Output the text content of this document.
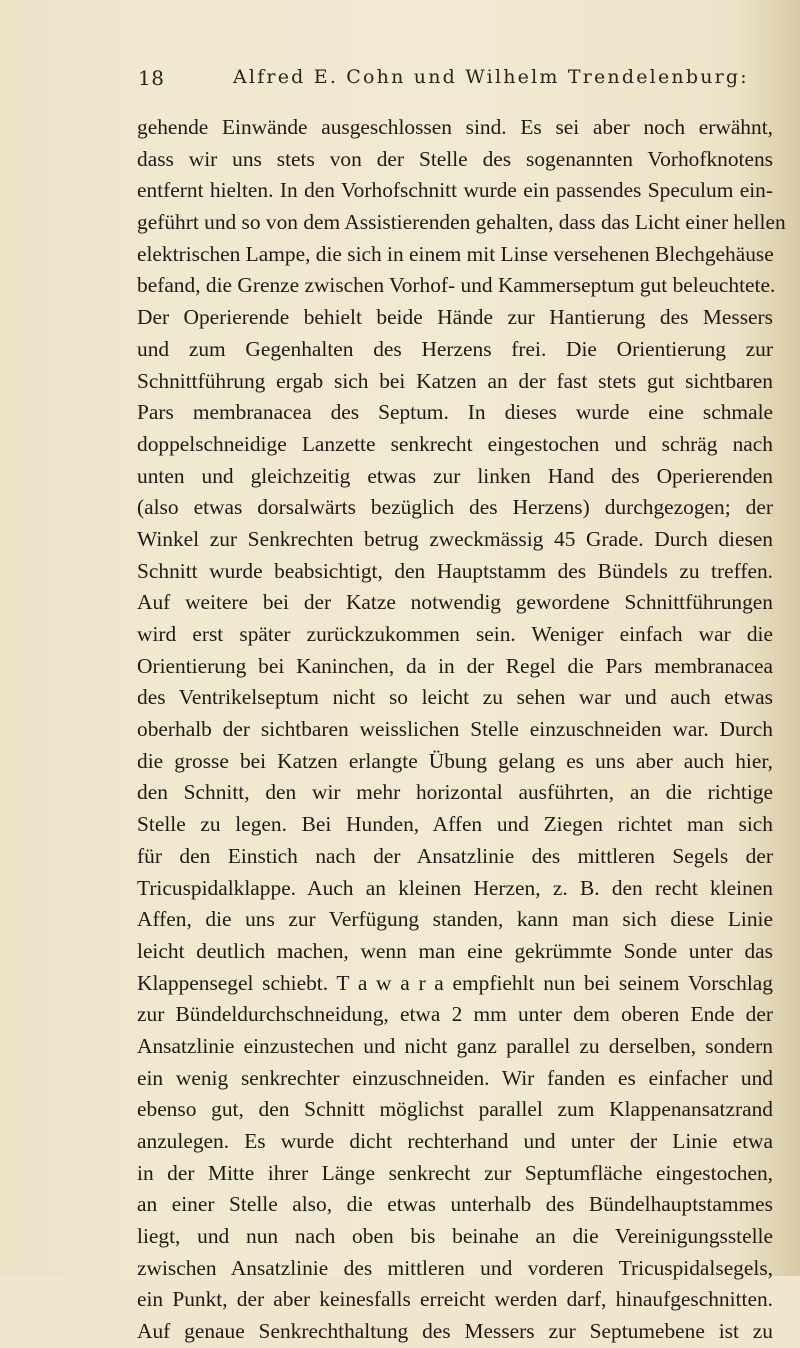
18	Alfred E. Cohn und Wilhelm Trendelenburg:
gehende Einwände ausgeschlossen sind. Es sei aber noch erwähnt,
dass wir uns stets von der Stelle des sogenannten Vorhofknotens
entfernt hielten. In den Vorhofschnitt wurde ein passendes Speculum ein-
geführt und so von dem Assistierenden gehalten, dass das Licht einer hellen
elektrischen Lampe, die sich in einem mit Linse versehenen Blechgehäuse
befand, die Grenze zwischen Vorhof- und Kammerseptum gut beleuchtete.
Der Operierende behielt beide Hände zur Hantierung des Messers
und zum Gegenhalten des Herzens frei. Die Orientierung zur
Schnittführung ergab sich bei Katzen an der fast stets gut sichtbaren
Pars membranacea des Septum. In dieses wurde eine schmale
doppelschneidige Lanzette senkrecht eingestochen und schräg nach
unten und gleichzeitig etwas zur linken Hand des Operierenden
(also etwas dorsalwärts bezüglich des Herzens) durchgezogen; der
Winkel zur Senkrechten betrug zweckmässig 45 Grade. Durch diesen
Schnitt wurde beabsichtigt, den Hauptstamm des Bündels zu treffen.
Auf weitere bei der Katze notwendig gewordene Schnittführungen
wird erst später zurückzukommen sein. Weniger einfach war die
Orientierung bei Kaninchen, da in der Regel die Pars membranacea
des Ventrikelseptum nicht so leicht zu sehen war und auch etwas
oberhalb der sichtbaren weisslichen Stelle einzuschneiden war. Durch
die grosse bei Katzen erlangte Übung gelang es uns aber auch hier,
den Schnitt, den wir mehr horizontal ausführten, an die richtige
Stelle zu legen. Bei Hunden, Affen und Ziegen richtet man sich
für den Einstich nach der Ansatzlinie des mittleren Segels der
Tricuspidalklappe. Auch an kleinen Herzen, z. B. den recht kleinen
Affen, die uns zur Verfügung standen, kann man sich diese Linie
leicht deutlich machen, wenn man eine gekrümmte Sonde unter das
Klappensegel schiebt. T a w a r a empfiehlt nun bei seinem Vorschlag
zur Bündeldurchschneidung, etwa 2 mm unter dem oberen Ende der
Ansatzlinie einzustechen und nicht ganz parallel zu derselben, sondern
ein wenig senkrechter einzuschneiden. Wir fanden es einfacher und
ebenso gut, den Schnitt möglichst parallel zum Klappenansatzrand
anzulegen. Es wurde dicht rechterhand und unter der Linie etwa
in der Mitte ihrer Länge senkrecht zur Septumfläche eingestochen,
an einer Stelle also, die etwas unterhalb des Bündelhauptstammes
liegt, und nun nach oben bis beinahe an die Vereinigungsstelle
zwischen Ansatzlinie des mittleren und vorderen Tricuspidalsegels,
ein Punkt, der aber keinesfalls erreicht werden darf, hinaufgeschnitten.
Auf genaue Senkrechthaltung des Messers zur Septumebene ist zu
